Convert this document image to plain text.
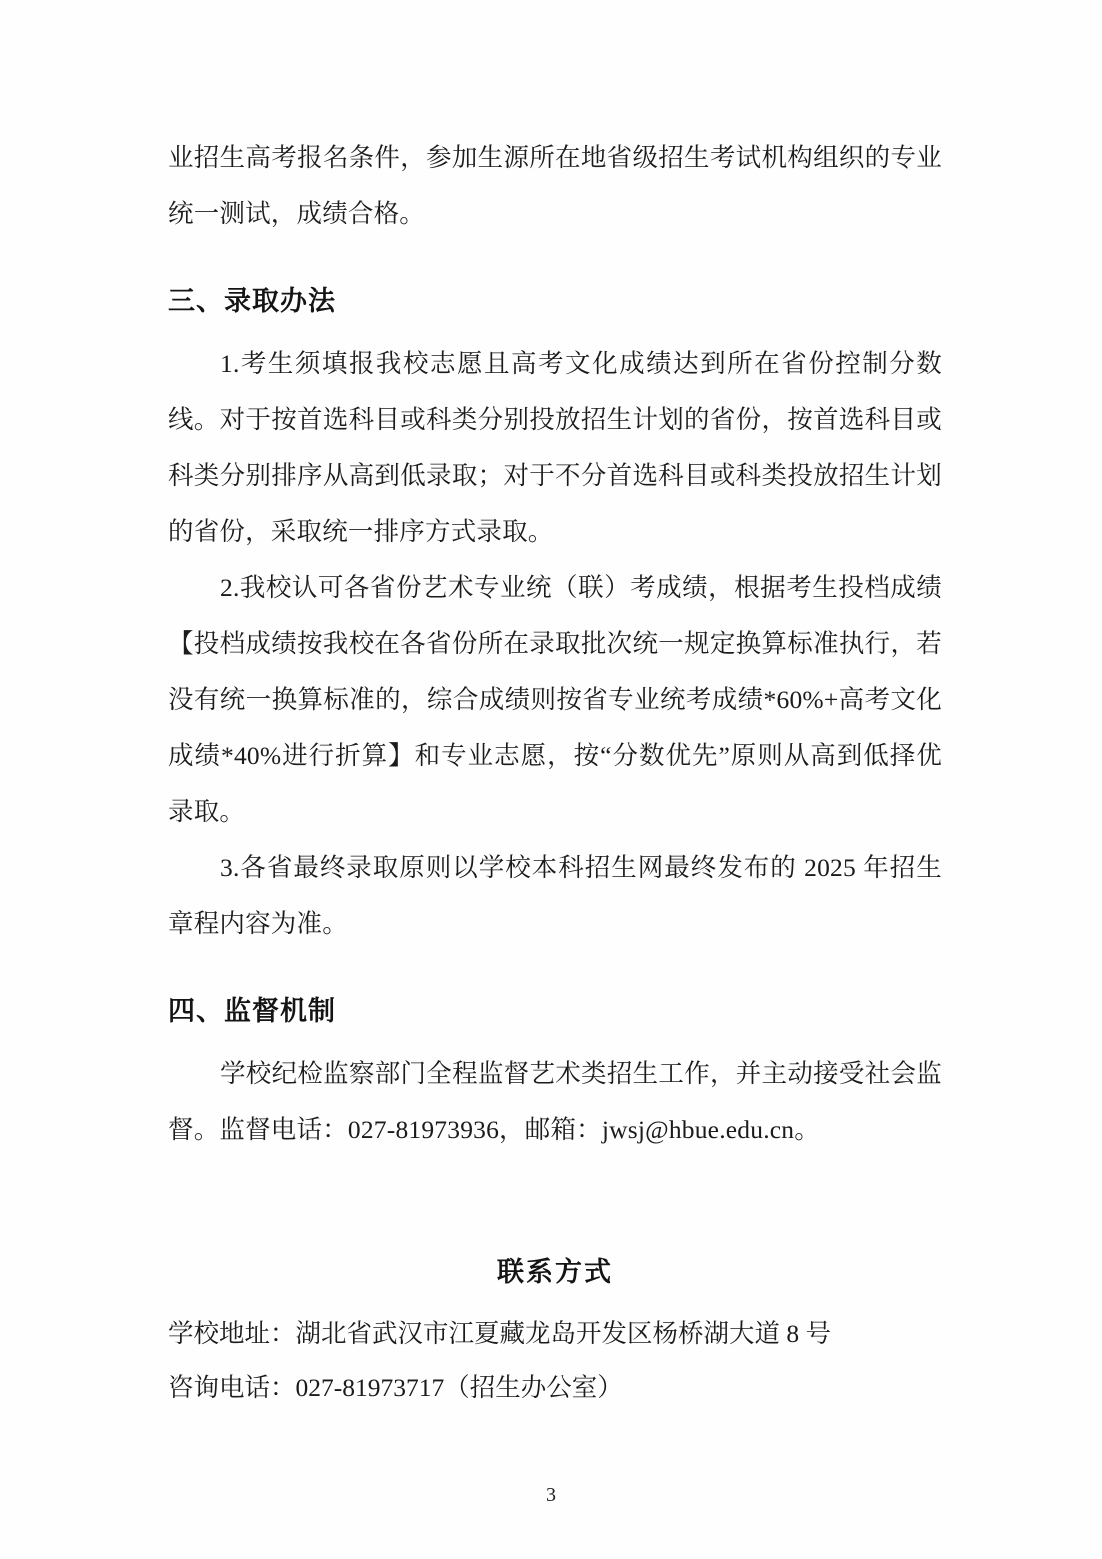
业招生高考报名条件，参加生源所在地省级招生考试机构组织的专业统一测试，成绩合格。

三、录取办法

1.考生须填报我校志愿且高考文化成绩达到所在省份控制分数线。对于按首选科目或科类分别投放招生计划的省份，按首选科目或科类分别排序从高到低录取；对于不分首选科目或科类投放招生计划的省份，采取统一排序方式录取。

2.我校认可各省份艺术专业统（联）考成绩，根据考生投档成绩【投档成绩按我校在各省份所在录取批次统一规定换算标准执行，若没有统一换算标准的，综合成绩则按省专业统考成绩*60%+高考文化成绩*40%进行折算】和专业志愿，按“分数优先”原则从高到低择优录取。

3.各省最终录取原则以学校本科招生网最终发布的 2025 年招生章程内容为准。

四、监督机制

学校纪检监察部门全程监督艺术类招生工作，并主动接受社会监督。监督电话：027-81973936，邮箱：jwsj@hbue.edu.cn。

联系方式

学校地址：湖北省武汉市江夏藏龙岛开发区杨桥湖大道 8 号

咨询电话：027-81973717（招生办公室）

3
